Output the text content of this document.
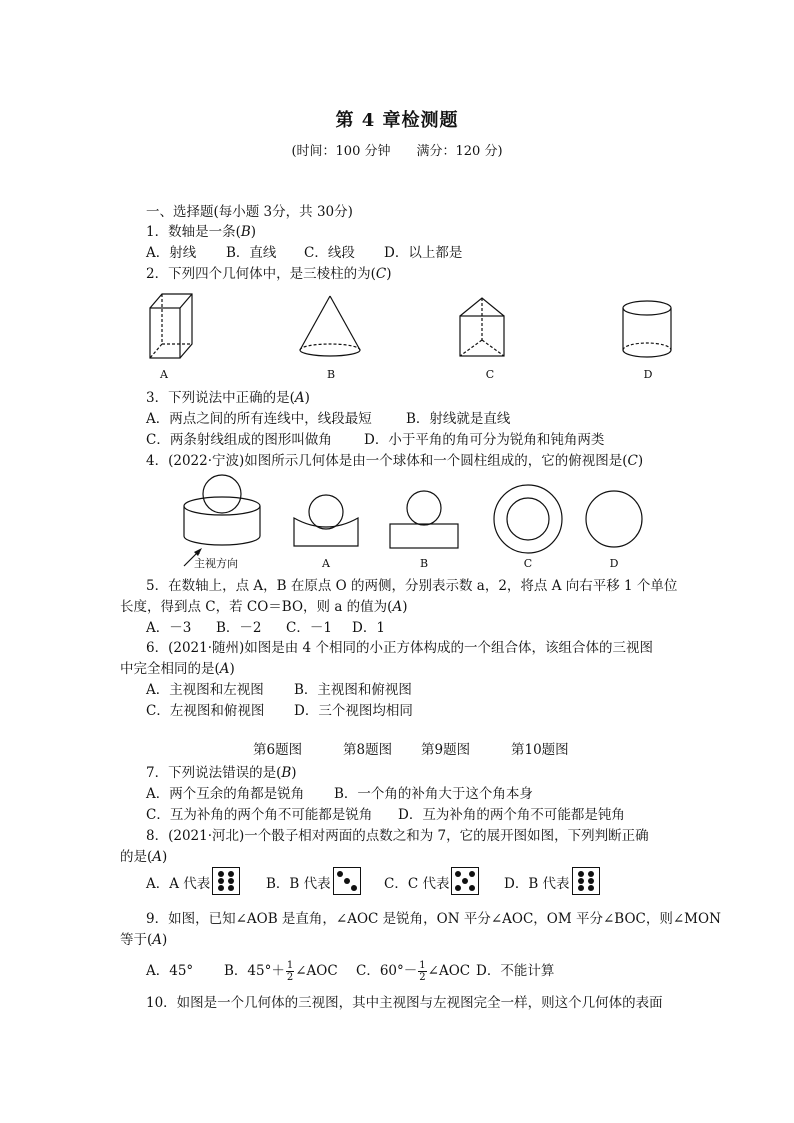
第 4 章检测题
(时间：100 分钟 满分：120 分)
一、选择题(每小题 3分，共 30分)
1．数轴是一条(B)
A．射线 B．直线 C．线段 D．以上都是
2．下列四个几何体中，是三棱柱的为(C)
A	B	C	D
3．下列说法中正确的是(A)
A．两点之间的所有连线中，线段最短	B．射线就是直线
C．两条射线组成的图形叫做角 D．小于平角的角可分为锐角和钝角两类
4．(2022·宁波)如图所示几何体是由一个球体和一个圆柱组成的，它的俯视图是(C)
主视方向	A	B	C	D
5．在数轴上，点 A，B 在原点 O 的两侧，分别表示数 a，2，将点 A 向右平移 1 个单位
长度，得到点 C，若 CO＝BO，则 a 的值为(A)
A．－3 B．－2 C．－1 D．1
6．(2021·随州)如图是由 4 个相同的小正方体构成的一个组合体，该组合体的三视图
中完全相同的是(A)
A．主视图和左视图 B．主视图和俯视图
C．左视图和俯视图 D．三个视图均相同
第6题图	第8题图 第9题图	第10题图
7．下列说法错误的是(B)
A．两个互余的角都是锐角 B．一个角的补角大于这个角本身
C．互为补角的两个角不可能都是锐角 D．互为补角的两个角不可能都是钝角
8．(2021·河北)一个骰子相对两面的点数之和为 7，它的展开图如图，下列判断正确
的是(A)
A．A 代表	B．B 代表	C．C 代表	D．B 代表
9．如图，已知∠AOB 是直角，∠AOC 是锐角，ON 平分∠AOC，OM 平分∠BOC，则∠MON
等于(A)
A．45° B．$45^\circ+ \frac{1}{2}$ ∠AOC C．$60^\circ- \frac{1}{2}$ ∠AOC D．不能计算
10．如图是一个几何体的三视图，其中主视图与左视图完全一样，则这个几何体的表面
